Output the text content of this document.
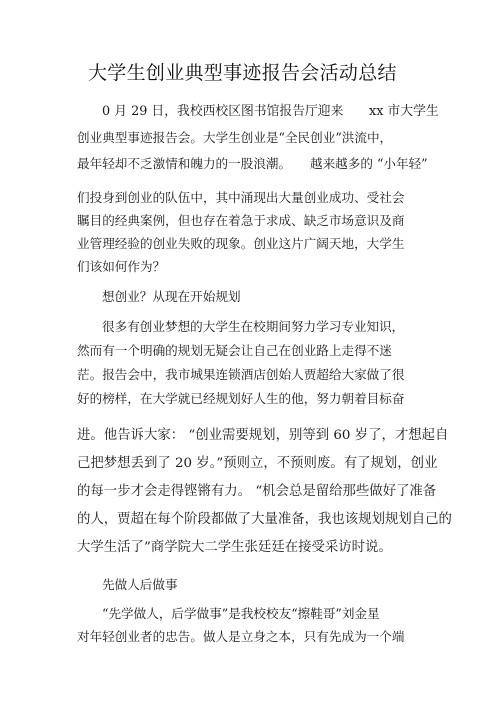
大学生创业典型事迹报告会活动总结
0 月 29 日，我校西校区图书馆报告厅迎来　　xx 市大学生
创业典型事迹报告会。大学生创业是“全民创业”洪流中，
最年轻却不乏激情和魄力的一股浪潮。　　越来越多的 “小年轻”
们投身到创业的队伍中，其中涌现出大量创业成功、受社会
瞩目的经典案例，但也存在着急于求成、缺乏市场意识及商
业管理经验的创业失败的现象。创业这片广阔天地，大学生
们该如何作为？
想创业？从现在开始规划
很多有创业梦想的大学生在校期间努力学习专业知识，
然而有一个明确的规划无疑会让自己在创业路上走得不迷
茫。报告会中，我市城果连锁酒店创始人贾超给大家做了很
好的榜样，在大学就已经规划好人生的他，努力朝着目标奋
进。他告诉大家： “创业需要规划，别等到 60 岁了，才想起自
己把梦想丢到了 20 岁。”预则立，不预则废。有了规划，创业
的每一步才会走得铿锵有力。 “机会总是留给那些做好了准备
的人，贾超在每个阶段都做了大量准备，我也该规划规划自己的
大学生活了”商学院大二学生张廷廷在接受采访时说。
先做人后做事
“先学做人，后学做事”是我校校友“擦鞋哥”刘金星
对年轻创业者的忠告。做人是立身之本，只有先成为一个端
